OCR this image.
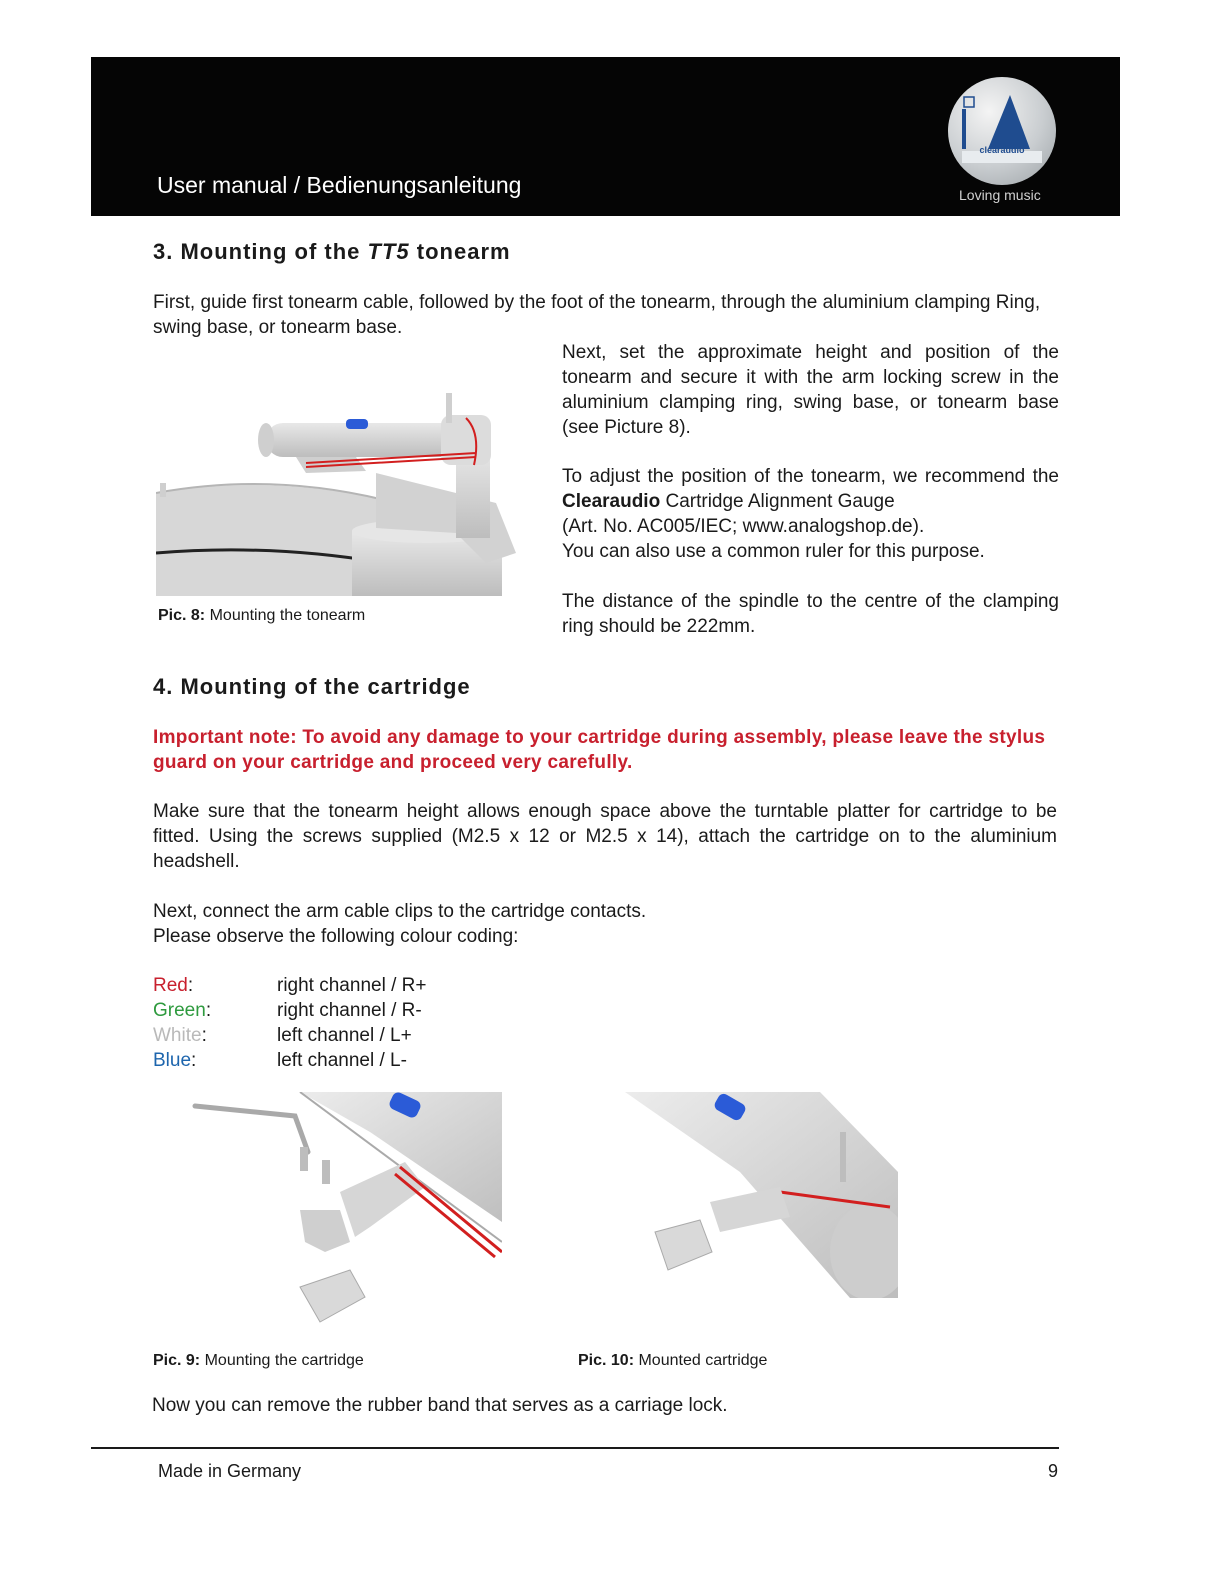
User manual / Bedienungsanleitung
clearaudio
Loving music
3. Mounting of the TT5 tonearm
First, guide first tonearm cable, followed by the foot of the tonearm, through the aluminium clamping Ring, swing base, or tonearm base.
Next, set the approximate height and position of the tonearm and secure it with the arm locking screw in the aluminium clamping ring, swing base, or tonearm base (see Picture 8).
To adjust the position of the tonearm, we recommend the Clearaudio Cartridge Alignment Gauge
(Art. No. AC005/IEC; www.analogshop.de).
You can also use a common ruler for this purpose.
The distance of the spindle to the centre of the clamping ring should be 222mm.
Pic. 8: Mounting the tonearm
4. Mounting of the cartridge
Important note: To avoid any damage to your cartridge during assembly, please leave the stylus guard on your cartridge and proceed very carefully.
Make sure that the tonearm height allows enough space above the turntable platter for cartridge to be fitted. Using the screws supplied (M2.5 x 12 or M2.5 x 14), attach the cartridge on to the aluminium headshell.
Next, connect the arm cable clips to the cartridge contacts.
Please observe the following colour coding:
Red:	right channel / R+
Green:	right channel / R-
White:	left channel / L+
Blue:	left channel / L-
Pic. 9: Mounting the cartridge	Pic. 10: Mounted cartridge
Now you can remove the rubber band that serves as a carriage lock.
Made in Germany	9
